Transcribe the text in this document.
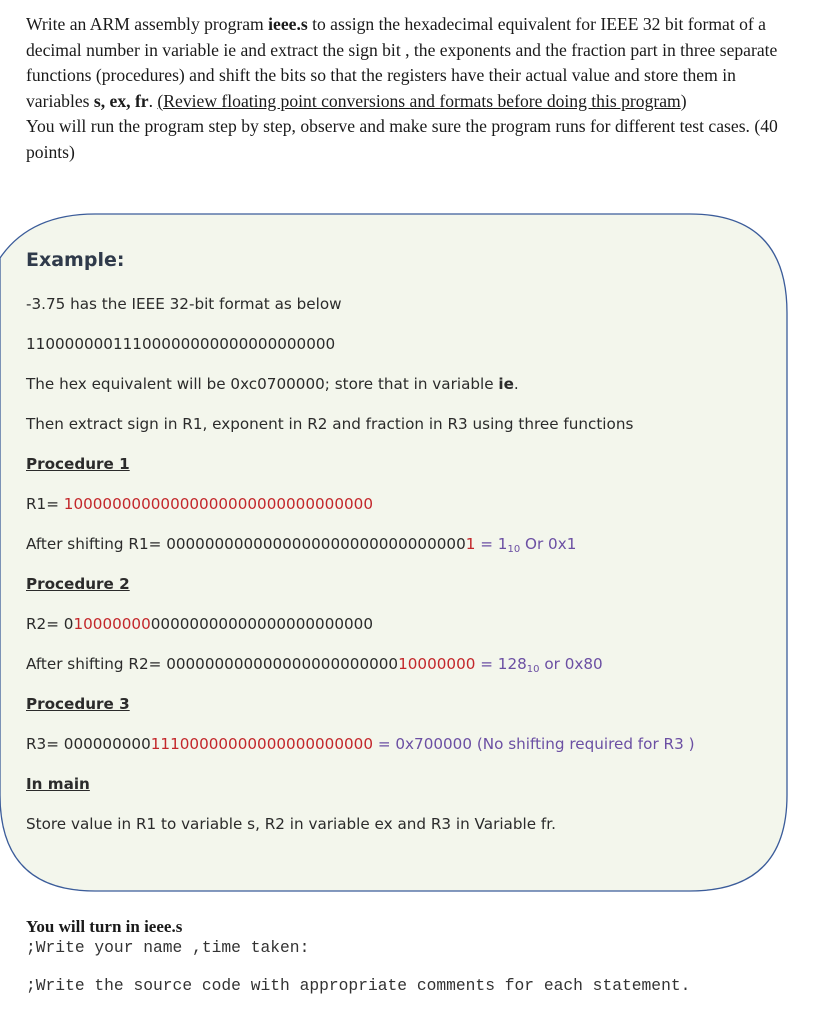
Write an ARM assembly program ieee.s to assign the hexadecimal equivalent for IEEE 32 bit format of a decimal number in variable ie and extract the sign bit , the exponents and the fraction part in three separate functions (procedures) and shift the bits so that the registers have their actual value and store them in variables s, ex, fr. (Review floating point conversions and formats before doing this program)

You will run the program step by step, observe and make sure the program runs for different test cases. (40 points)

Example:
-3.75 has the IEEE 32-bit format as below
11000000011100000000000000000000
The hex equivalent will be 0xc0700000; store that in variable ie.
Then extract sign in R1, exponent in R2 and fraction in R3 using three functions
Procedure 1
R1= 10000000000000000000000000000000
After shifting $R1= 00000000000000000000000000000001 = 1_{10}$ Or 0x1
Procedure 2
R2= 01000000000000000000000000000000
After shifting $R2= 00000000000000000000000010000000 = 128_{10}$ or 0x80
Procedure 3
R3= 00000000011100000000000000000000 = 0x700000 (No shifting required for R3 )
In main
Store value in R1 to variable s, R2 in variable ex and R3 in Variable fr.
You will turn in ieee.s
;Write your name ,time taken:
;Write the source code with appropriate comments for each statement.
